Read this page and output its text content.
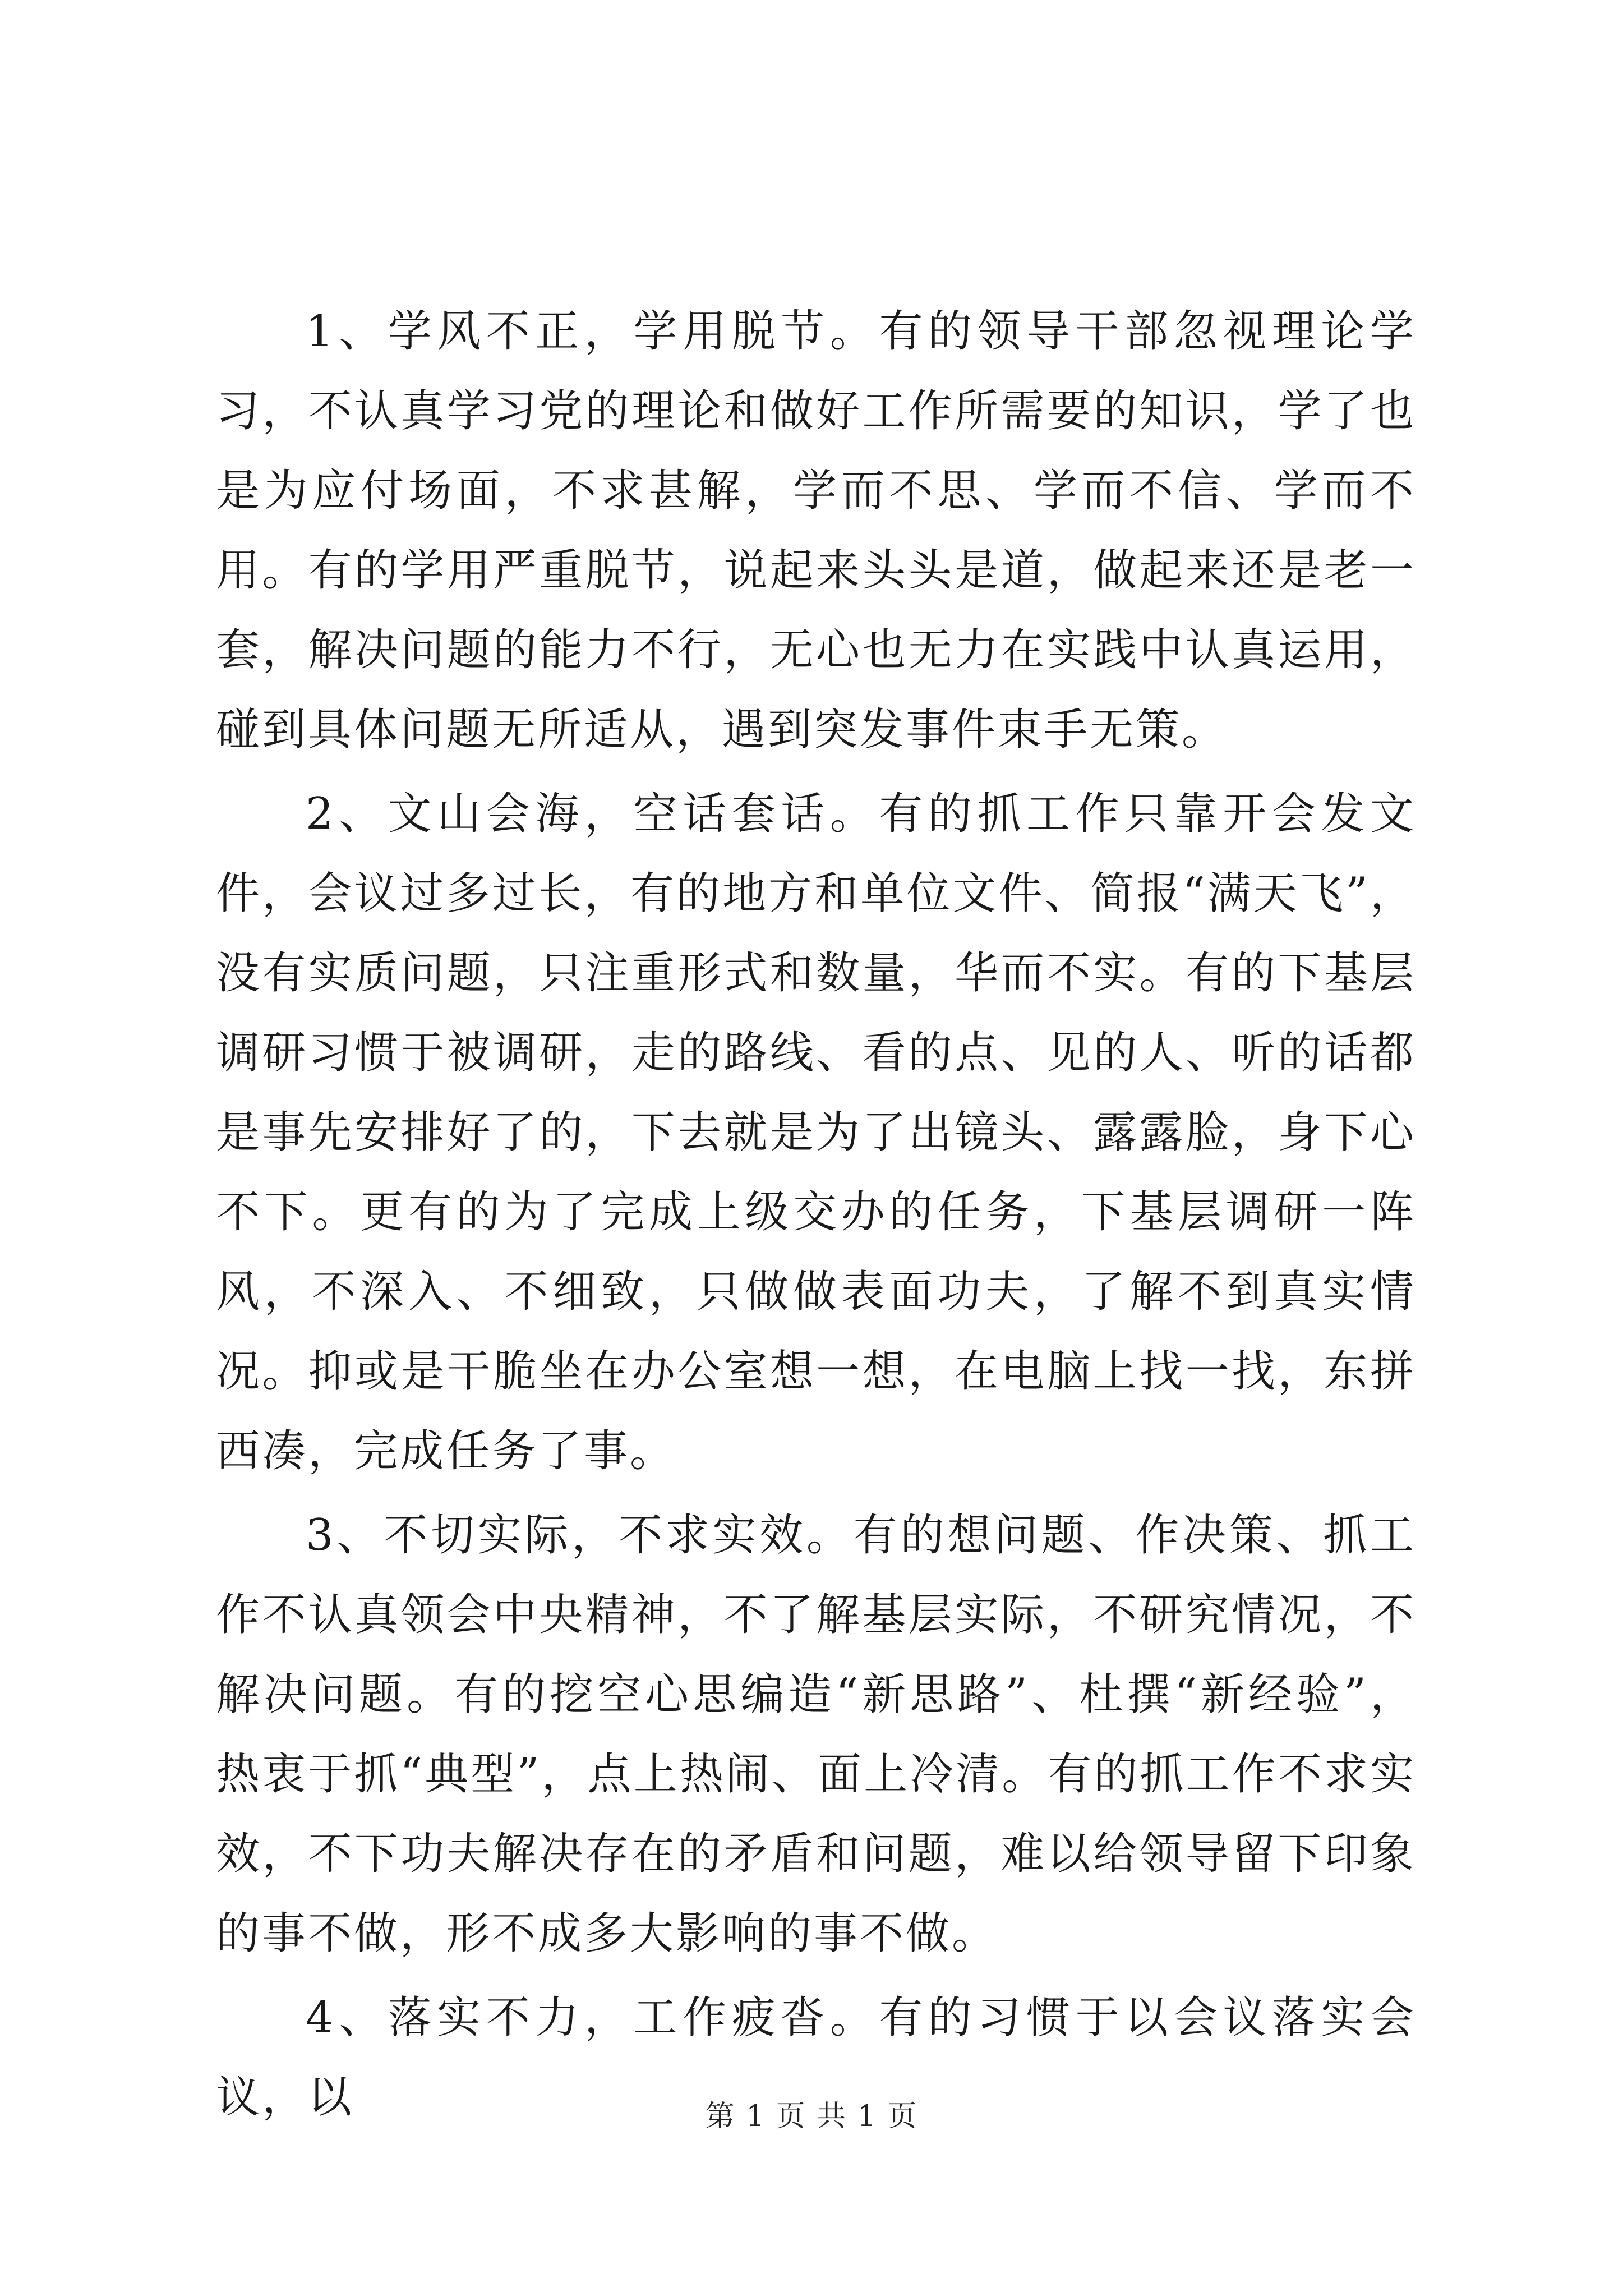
1、学风不正，学用脱节。有的领导干部忽视理论学习，不认真学习党的理论和做好工作所需要的知识，学了也是为应付场面，不求甚解，学而不思、学而不信、学而不用。有的学用严重脱节，说起来头头是道，做起来还是老一套，解决问题的能力不行，无心也无力在实践中认真运用，碰到具体问题无所适从，遇到突发事件束手无策。

2、文山会海，空话套话。有的抓工作只靠开会发文件，会议过多过长，有的地方和单位文件、简报“满天飞”，没有实质问题，只注重形式和数量，华而不实。有的下基层调研习惯于被调研，走的路线、看的点、见的人、听的话都是事先安排好了的，下去就是为了出镜头、露露脸，身下心不下。更有的为了完成上级交办的任务，下基层调研一阵风，不深入、不细致，只做做表面功夫，了解不到真实情况。抑或是干脆坐在办公室想一想，在电脑上找一找，东拼西凑，完成任务了事。

3、不切实际，不求实效。有的想问题、作决策、抓工作不认真领会中央精神，不了解基层实际，不研究情况，不解决问题。有的挖空心思编造“新思路”、杜撰“新经验”，热衷于抓“典型”，点上热闹、面上冷清。有的抓工作不求实效，不下功夫解决存在的矛盾和问题，难以给领导留下印象的事不做，形不成多大影响的事不做。

4、落实不力，工作疲沓。有的习惯于以会议落实会议，以	第 1 页 共 1 页
